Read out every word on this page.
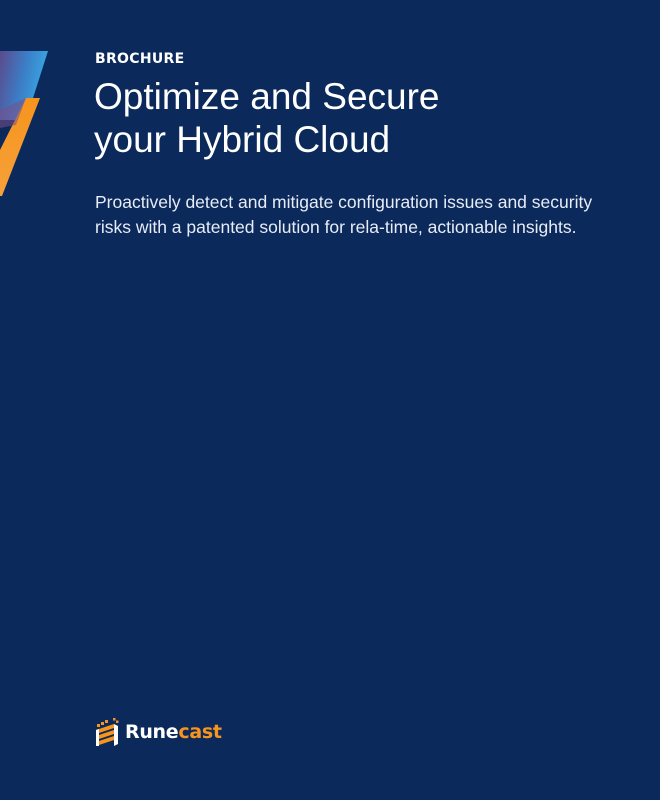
BROCHURE

Optimize and Secure
your Hybrid Cloud

Proactively detect and mitigate configuration issues and security
risks with a patented solution for rela-time, actionable insights.

Runecast
